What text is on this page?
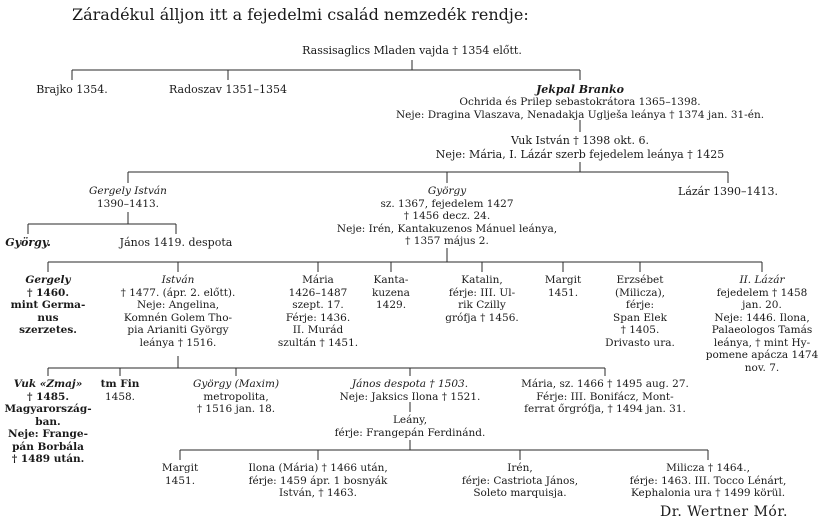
Záradékul álljon itt a fejedelmi család nemzedék rendje:
Rassisaglics Mladen vajda † 1354 előtt.
Brajko 1354.	Radoszav 1351–1354	Jekpal Branko
Ochrida és Prilep sebastokrátora 1365–1398.
Neje: Dragina Vlaszava, Nenadakja Uglješa leánya † 1374 jan. 31-én.
Vuk István † 1398 okt. 6.
Neje: Mária, I. Lázár szerb fejedelem leánya † 1425
Gergely István
1390–1413.
György
sz. 1367, fejedelem 1427
† 1456 decz. 24.
Neje: Irén, Kantakuzenos Mánuel leánya,
† 1357 május 2.
Lázár 1390–1413.
György.	János 1419. despota
Gergely
† 1460.
mint Germa-
nus
szerzetes.
István
† 1477. (ápr. 2. előtt).
Neje: Angelina,
Komnén Golem Tho-
pia Arianiti György
leánya † 1516.
Mária
1426–1487
szept. 17.
Férje: 1436.
II. Murád
szultán † 1451.
Kanta-
kuzena
1429.
Katalin,
férje: III. Ul-
rik Czilly
grófja † 1456.
Margit
1451.
Erzsébet
(Milicza),
férje:
Span Elek
† 1405.
Drivasto ura.
II. Lázár
fejedelem † 1458
jan. 20.
Neje: 1446. Ilona,
Palaeologos Tamás
leánya, † mint Hy-
pomene apácza 1474
nov. 7.
Vuk «Zmaj»
† 1485.
Magyarország-
ban.
Neje: Frange-
pán Borbála
† 1489 után.
tm Fin
1458.
György (Maxim)
metropolita,
† 1516 jan. 18.
János despota † 1503.
Neje: Jaksics Ilona † 1521.
Mária, sz. 1466 † 1495 aug. 27.
Férje: III. Bonifácz, Mont-
ferrat őrgrófja, † 1494 jan. 31.
Leány,
férje: Frangepán Ferdinánd.
Margit
1451.
Ilona (Mária) † 1466 után,
férje: 1459 ápr. 1 bosnyák
István, † 1463.
Irén,
férje: Castriota János,
Soleto marquisja.
Milicza † 1464.,
férje: 1463. III. Tocco Lénárt,
Kephalonia ura † 1499 körül.
Dr. Wertner Mór.
